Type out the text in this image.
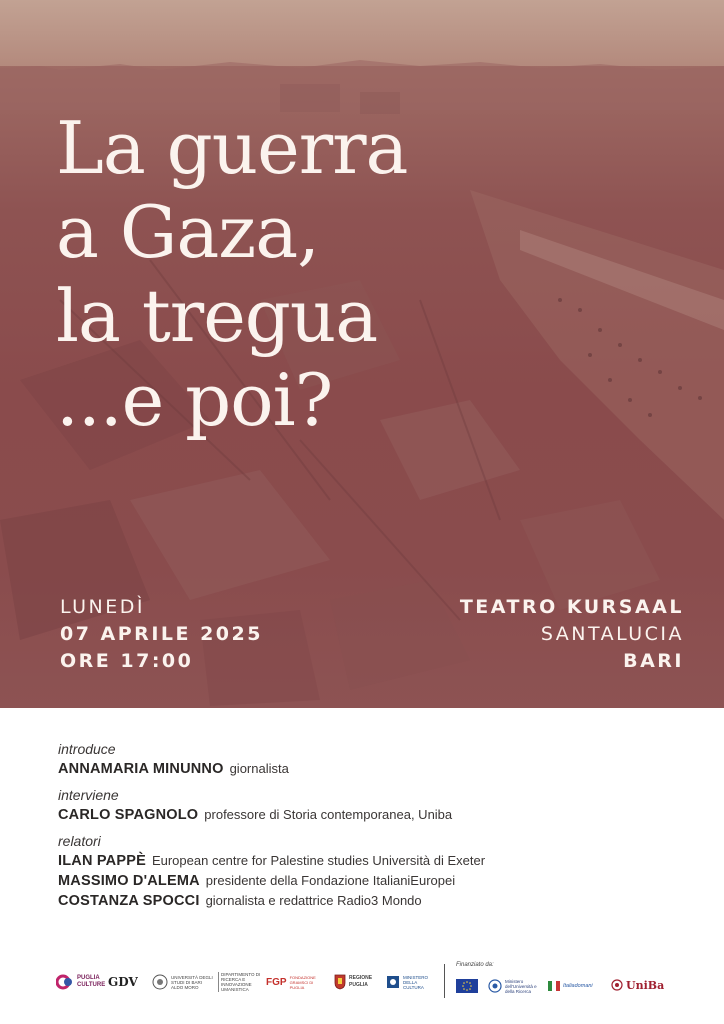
La guerra
a Gaza,
la tregua
...e poi?
LUNEDÌ
07 APRILE 2025
ORE 17:00
TEATRO KURSAAL
SANTALUCIA
BARI
introduce
ANNAMARIA MINUNNO giornalista
interviene
CARLO SPAGNOLO professore di Storia contemporanea, Uniba
relatori
ILAN PAPPÈ European centre for Palestine studies Università di Exeter
MASSIMO D'ALEMA presidente della Fondazione ItalianiEuropei
COSTANZA SPOCCI giornalista e redattrice Radio3 Mondo
PUGLIA CULTURE GDV	UNIVERSITÀ DEGLI STUDI DI BARI ALDO MORO
DIPARTIMENTO DI RICERCA E INNOVAZIONE UMANISTICA
FGP FONDAZIONE GRAMSCI DI PUGLIA
REGIONE PUGLIA
MINISTERO DELLA CULTURA
Finanziato da:
Ministero dell'Università e della Ricerca
Italiadomani	UniBa
